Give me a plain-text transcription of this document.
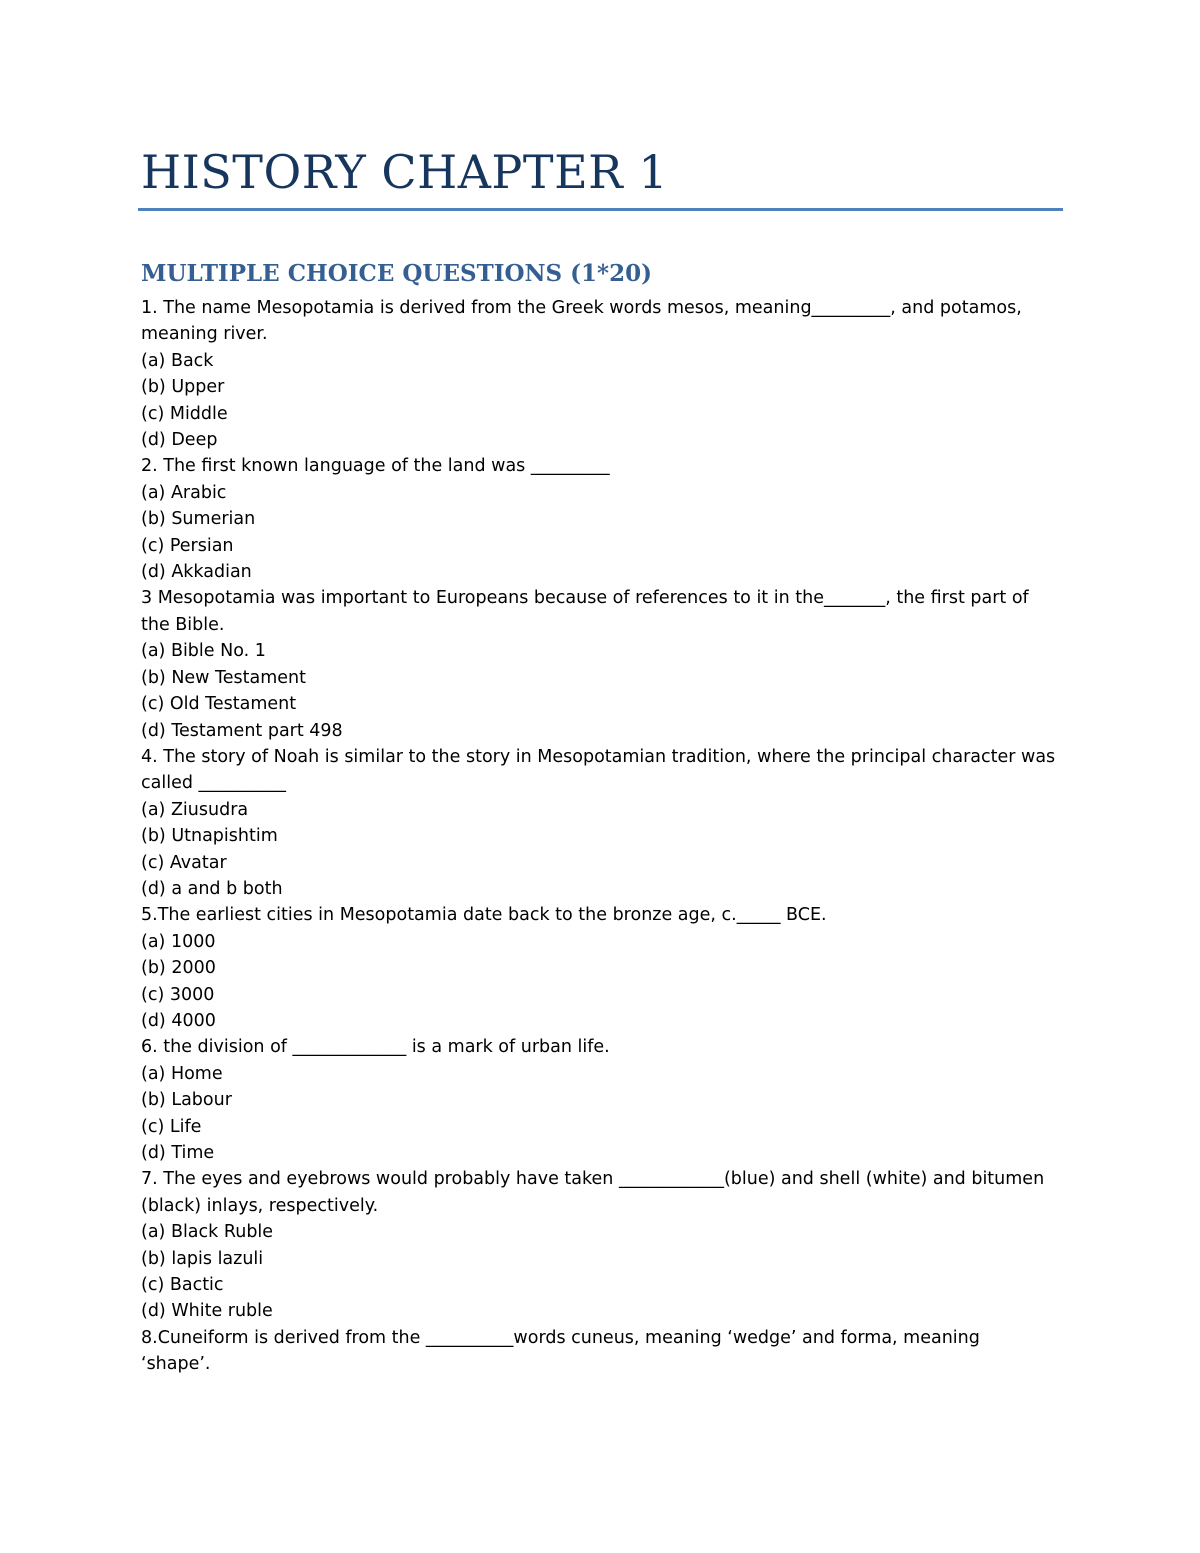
HISTORY CHAPTER 1
MULTIPLE CHOICE QUESTIONS (1*20)
1. The name Mesopotamia is derived from the Greek words mesos, meaning_________, and potamos,
meaning river.
(a) Back
(b) Upper
(c) Middle
(d) Deep
2. The first known language of the land was _________
(a) Arabic
(b) Sumerian
(c) Persian
(d) Akkadian
3 Mesopotamia was important to Europeans because of references to it in the_______, the first part of
the Bible.
(a) Bible No. 1
(b) New Testament
(c) Old Testament
(d) Testament part 498
4. The story of Noah is similar to the story in Mesopotamian tradition, where the principal character was
called __________
(a) Ziusudra
(b) Utnapishtim
(c) Avatar
(d) a and b both
5.The earliest cities in Mesopotamia date back to the bronze age, c._____ BCE.
(a) 1000
(b) 2000
(c) 3000
(d) 4000
6. the division of _____________ is a mark of urban life.
(a) Home
(b) Labour
(c) Life
(d) Time
7. The eyes and eyebrows would probably have taken ____________(blue) and shell (white) and bitumen
(black) inlays, respectively.
(a) Black Ruble
(b) lapis lazuli
(c) Bactic
(d) White ruble
8.Cuneiform is derived from the __________words cuneus, meaning ‘wedge’ and forma, meaning
‘shape’.
